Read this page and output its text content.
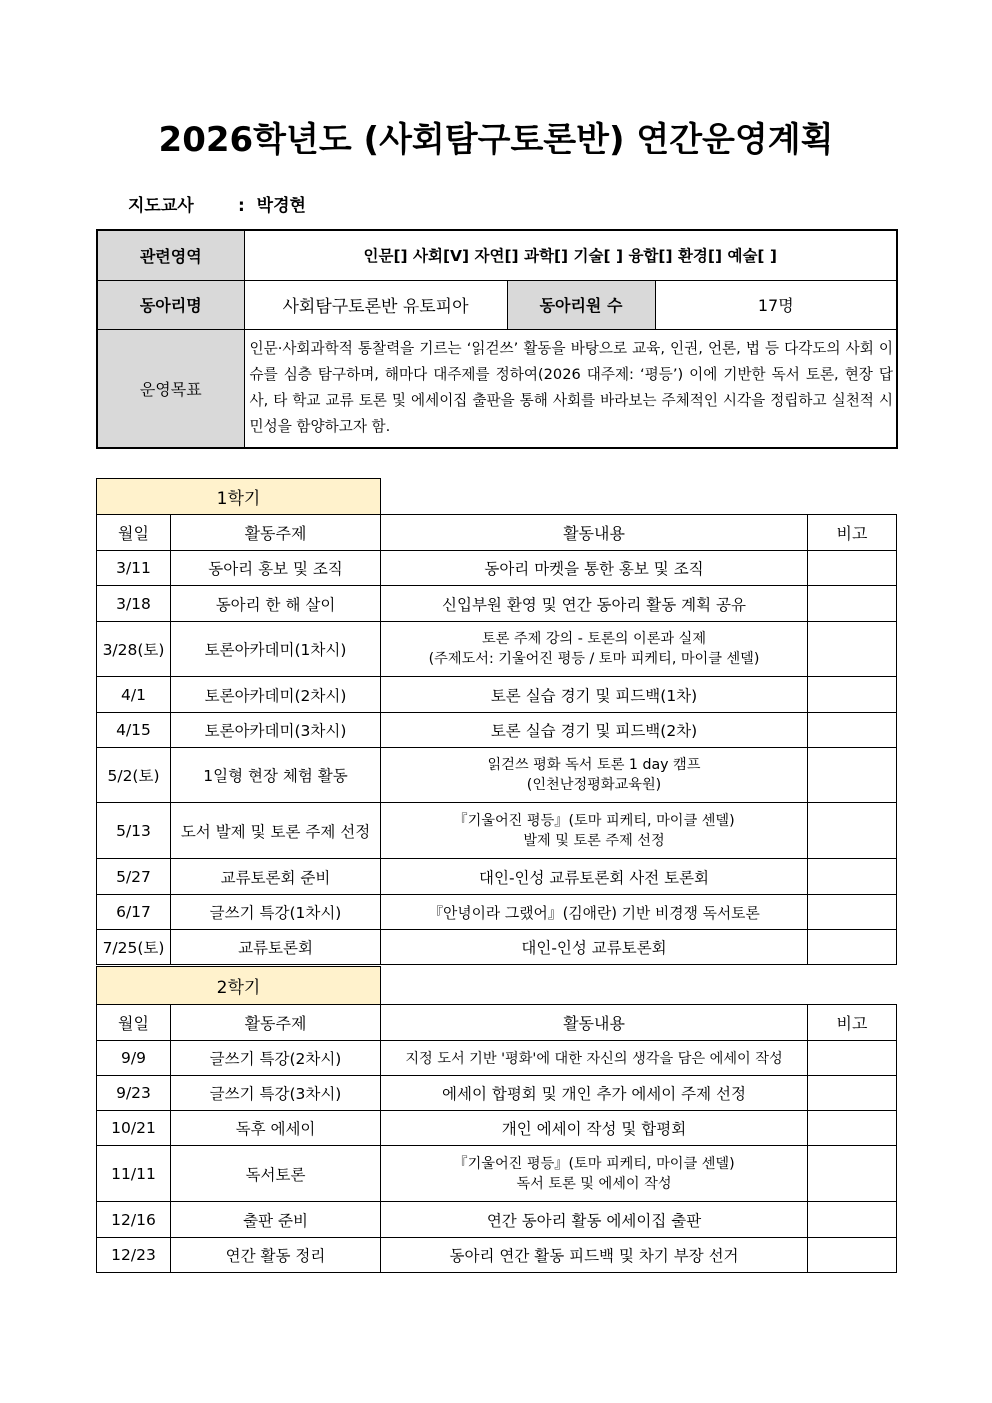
2026학년도 (사회탐구토론반) 연간운영계획
지도교사	: 박경현
관련영역	인문[] 사회[V] 자연[] 과학[] 기술[ ] 융합[] 환경[] 예술[ ]		
동아리명	사회탐구토론반 유토피아	동아리원 수	17명
운영목표	인문·사회과학적 통찰력을 기르는 ‘읽걷쓰’ 활동을 바탕으로 교육, 인권, 언론, 법 등 다각도의 사회 이슈를 심층 탐구하며, 해마다 대주제를 정하여(2026 대주제: ‘평등’) 이에 기반한 독서 토론, 현장 답사, 타 학교 교류 토론 및 에세이집 출판을 통해 사회를 바라보는 주체적인 시각을 정립하고 실천적 시민성을 함양하고자 함.		
1학기			
월일	활동주제	활동내용	비고
3/11	동아리 홍보 및 조직	동아리 마켓을 통한 홍보 및 조직	
3/18	동아리 한 해 살이	신입부원 환영 및 연간 동아리 활동 계획 공유	
3/28(토)	토론아카데미(1차시)	토론 주제 강의 - 토론의 이론과 실제
(주제도서: 기울어진 평등 / 토마 피케티, 마이클 센델)	

4/1	토론아카데미(2차시)	토론 실습 경기 및 피드백(1차)	
4/15	토론아카데미(3차시)	토론 실습 경기 및 피드백(2차)	
5/2(토)	1일형 현장 체험 활동	읽걷쓰 평화 독서 토론 1 day 캠프
(인천난정평화교육원)	

5/13	도서 발제 및 토론 주제 선정	『기울어진 평등』(토마 피케티, 마이클 센델)
발제 및 토론 주제 선정	

5/27	교류토론회 준비	대인-인성 교류토론회 사전 토론회	
6/17	글쓰기 특강(1차시)	『안녕이라 그랬어』(김애란) 기반 비경쟁 독서토론	
7/25(토)	교류토론회	대인-인성 교류토론회	
2학기			
월일	활동주제	활동내용	비고
9/9	글쓰기 특강(2차시)	지정 도서 기반 '평화'에 대한 자신의 생각을 담은 에세이 작성	
9/23	글쓰기 특강(3차시)	에세이 합평회 및 개인 추가 에세이 주제 선정	
10/21	독후 에세이	개인 에세이 작성 및 합평회	
11/11	독서토론	『기울어진 평등』(토마 피케티, 마이클 센델)
독서 토론 및 에세이 작성	

12/16	출판 준비	연간 동아리 활동 에세이집 출판	
12/23	연간 활동 정리	동아리 연간 활동 피드백 및 차기 부장 선거	
